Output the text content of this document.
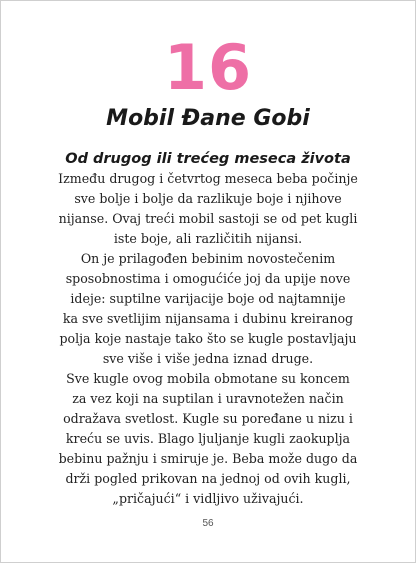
16
Mobil Đane Gobi
Od drugog ili trećeg meseca života
Između drugog i četvrtog meseca beba počinje
sve bolje i bolje da razlikuje boje i njihove
nijanse. Ovaj treći mobil sastoji se od pet kugli
iste boje, ali različitih nijansi.
On je prilagođen bebinim novostečenim
sposobnostima i omogućiće joj da upije nove
ideje: suptilne varijacije boje od najtamnije
ka sve svetlijim nijansama i dubinu kreiranog
polja koje nastaje tako što se kugle postavljaju
sve više i više jedna iznad druge.
Sve kugle ovog mobila obmotane su koncem
za vez koji na suptilan i uravnotežen način
odražava svetlost. Kugle su poređane u nizu i
kreću se uvis. Blago ljuljanje kugli zaokuplja
bebinu pažnju i smiruje je. Beba može dugo da
drži pogled prikovan na jednoj od ovih kugli,
„pričajući“ i vidljivo uživajući.
56
